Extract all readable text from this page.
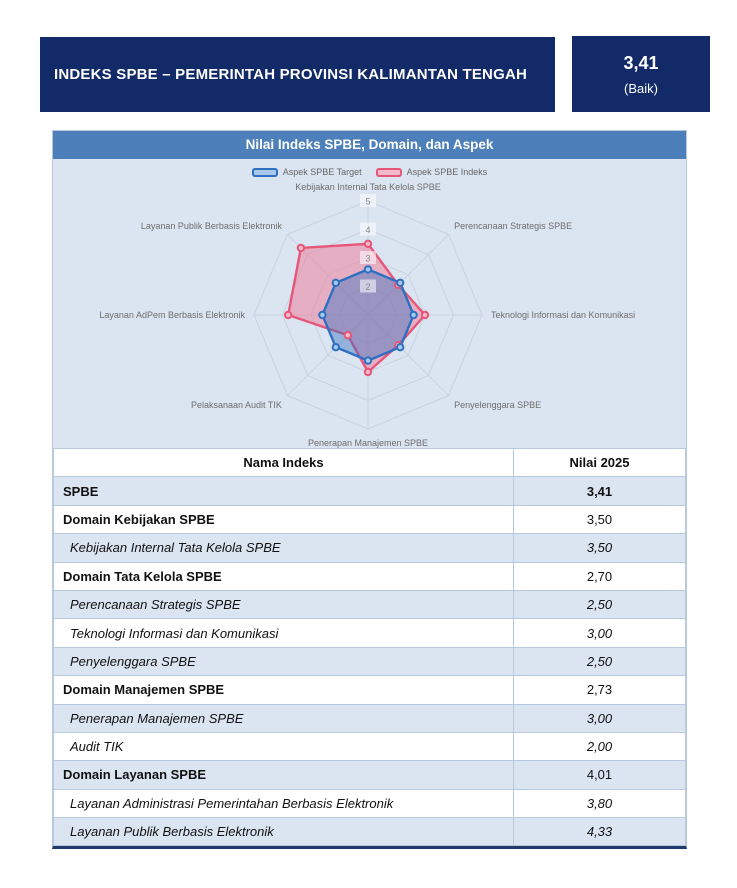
INDEKS SPBE – PEMERINTAH PROVINSI KALIMANTAN TENGAH
3,41
(Baik)
Nilai Indeks SPBE, Domain, dan Aspek
Aspek SPBE Target	Aspek SPBE Indeks
2
3
4
5
Kebijakan Internal Tata Kelola SPBE
Perencanaan Strategis SPBE
Teknologi Informasi dan Komunikasi
Penyelenggara SPBE
Penerapan Manajemen SPBE
Pelaksanaan Audit TIK
Layanan AdPem Berbasis Elektronik
Layanan Publik Berbasis Elektronik
Nama Indeks	Nilai 2025
SPBE	3,41
Domain Kebijakan SPBE	3,50
Kebijakan Internal Tata Kelola SPBE	3,50
Domain Tata Kelola SPBE	2,70
Perencanaan Strategis SPBE	2,50
Teknologi Informasi dan Komunikasi	3,00
Penyelenggara SPBE	2,50
Domain Manajemen SPBE	2,73
Penerapan Manajemen SPBE	3,00
Audit TIK	2,00
Domain Layanan SPBE	4,01
Layanan Administrasi Pemerintahan Berbasis Elektronik	3,80
Layanan Publik Berbasis Elektronik	4,33
